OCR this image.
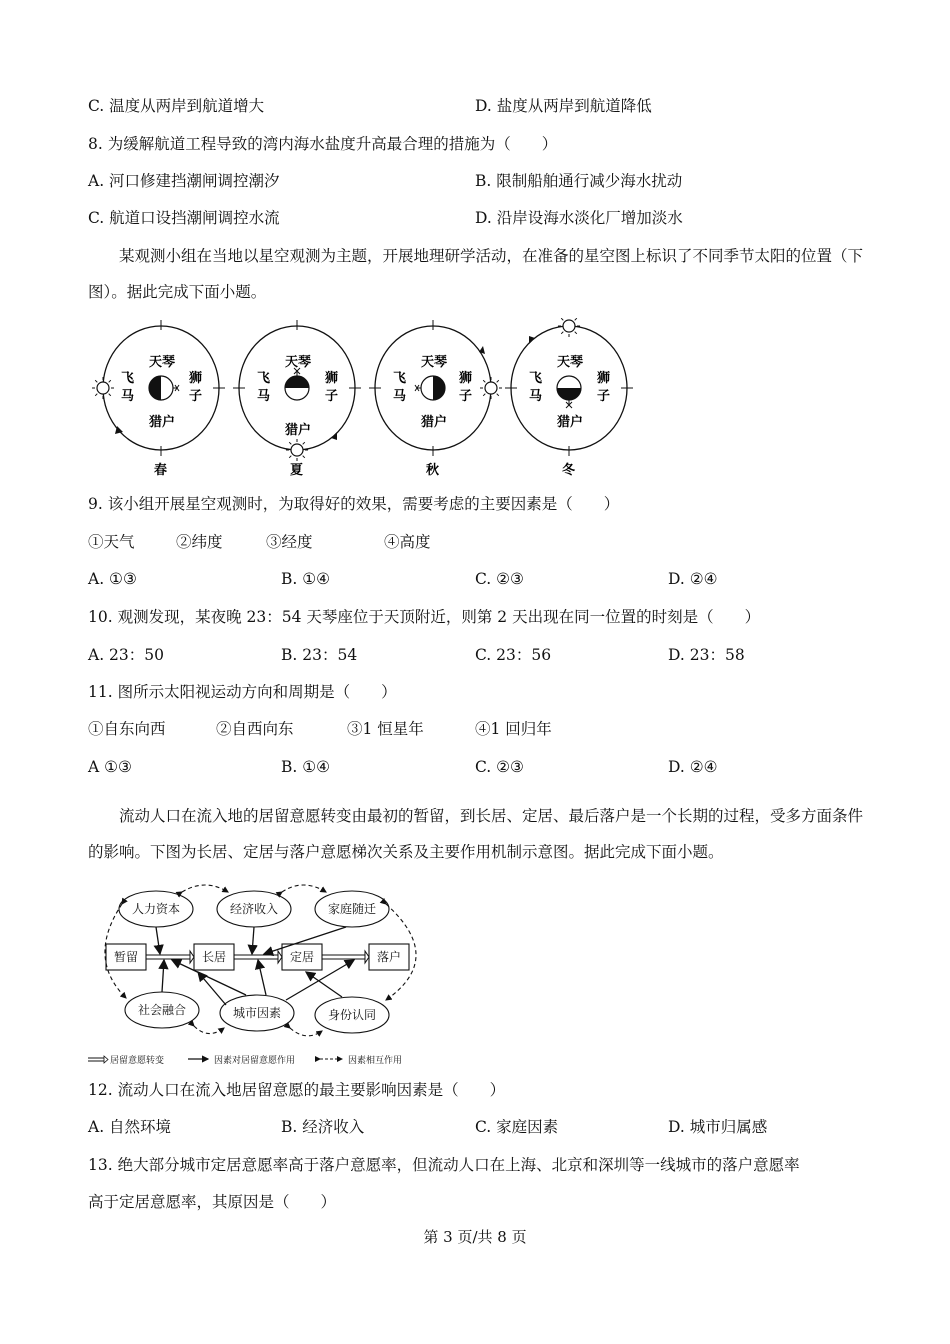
C. 温度从两岸到航道增大	D. 盐度从两岸到航道降低
8. 为缓解航道工程导致的湾内海水盐度升高最合理的措施为（　　）
A. 河口修建挡潮闸调控潮汐	B. 限制船舶通行减少海水扰动
C. 航道口设挡潮闸调控水流	D. 沿岸设海水淡化厂增加淡水
某观测小组在当地以星空观测为主题，开展地理研学活动，在准备的星空图上标识了不同季节太阳的位置（下图）。据此完成下面小题。
天琴
飞
马
狮
子
猎户
春
天琴
飞
马
狮
子
猎户
夏
天琴
飞
马
狮
子
猎户
秋
天琴
飞
马
狮
子
猎户
冬
9. 该小组开展星空观测时，为取得好的效果，需要考虑的主要因素是（　　）
①天气	②纬度	③经度	④高度
A. ①③	B. ①④	C. ②③	D. ②④
10. 观测发现，某夜晚 23：54 天琴座位于天顶附近，则第 2 天出现在同一位置的时刻是（　　）
A. 23：50	B. 23：54	C. 23：56	D. 23：58
11. 图所示太阳视运动方向和周期是（　　）
①自东向西	②自西向东	③1 恒星年	④1 回归年
A ①③	B. ①④	C. ②③	D. ②④
流动人口在流入地的居留意愿转变由最初的暂留，到长居、定居、最后落户是一个长期的过程，受多方面条件的影响。下图为长居、定居与落户意愿梯次关系及主要作用机制示意图。据此完成下面小题。
人力资本	经济收入	家庭随迁
暂留	长居	定居	落户
社会融合	城市因素	身份认同
居留意愿转变	因素对居留意愿作用	因素相互作用
12. 流动人口在流入地居留意愿的最主要影响因素是（　　）
A. 自然环境	B. 经济收入	C. 家庭因素	D. 城市归属感
13. 绝大部分城市定居意愿率高于落户意愿率，但流动人口在上海、北京和深圳等一线城市的落户意愿率
高于定居意愿率，其原因是（　　）
第 3 页/共 8 页
